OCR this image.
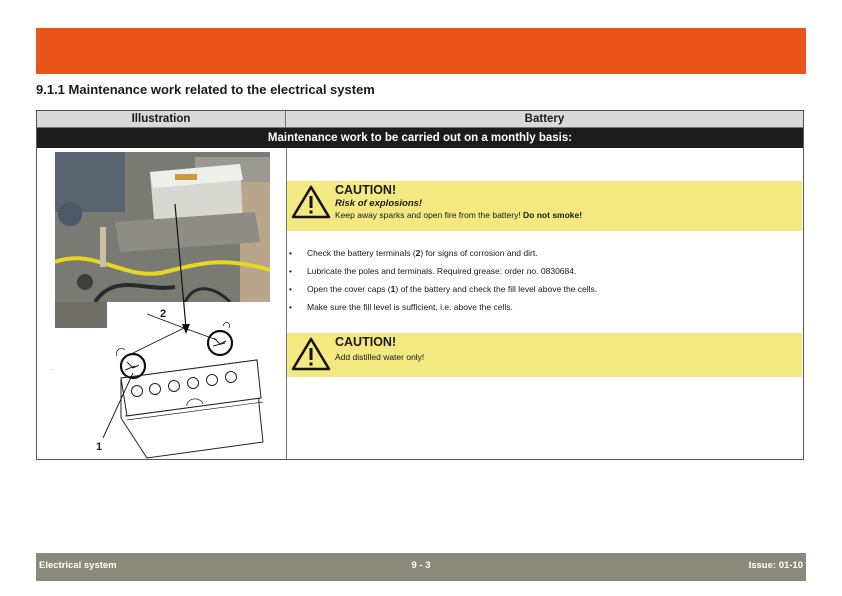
9.1.1 Maintenance work related to the electrical system
Illustration	Battery
Maintenance work to be carried out on a monthly basis:
.
2
1
CAUTION!
Risk of explosions!
Keep away sparks and open fire from the battery! Do not smoke!
• Check the battery terminals (2) for signs of corrosion and dirt.
• Lubricate the poles and terminals. Required grease: order no. 0830684.
• Open the cover caps (1) of the battery and check the fill level above the cells.
• Make sure the fill level is sufficient, i.e. above the cells.
CAUTION!
Add distilled water only!
Electrical system	9 - 3	Issue: 01-10
